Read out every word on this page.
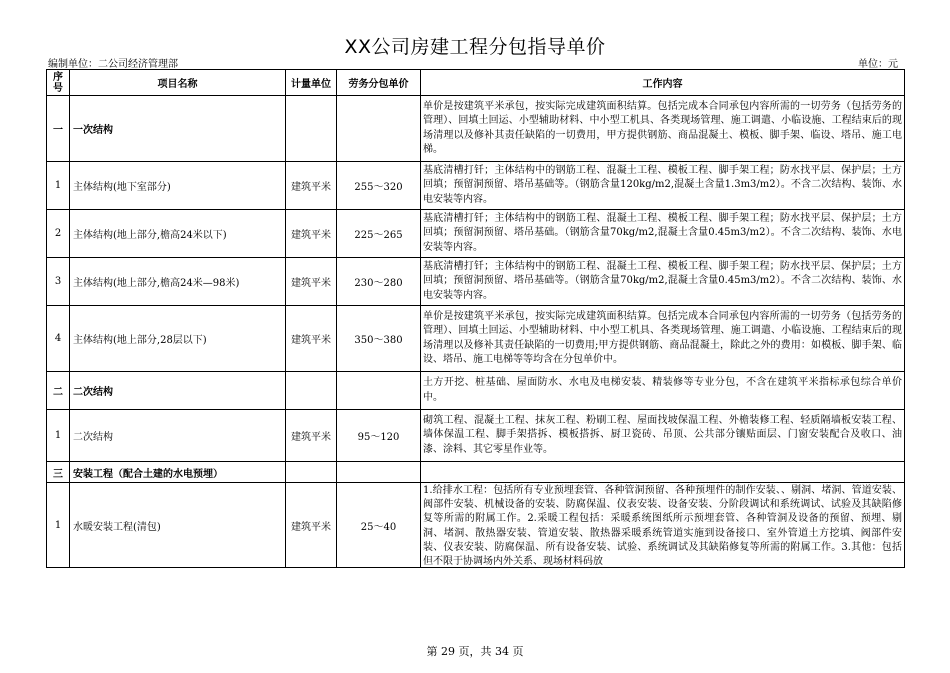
XX公司房建工程分包指导单价
编制单位：二公司经济管理部	单位：元
序
号	项目名称	计量单位	劳务分包单价	工作内容
一	一次结构			单价是按建筑平米承包，按实际完成建筑面积结算。包括完成本合同承包内容所需的一切劳务（包括劳务的管理）、回填土回运、小型辅助材料、中小型工机具、各类现场管理、施工调遣、小临设施、工程结束后的现场清理以及修补其责任缺陷的一切费用，甲方提供钢筋、商品混凝土、模板、脚手架、临设、塔吊、施工电梯。
1	主体结构(地下室部分)	建筑平米	255～320	基底清槽打钎；主体结构中的钢筋工程、混凝土工程、模板工程、脚手架工程；防水找平层、保护层；土方回填；预留洞预留、塔吊基础等。（钢筋含量120kg/m2,混凝土含量1.3m3/m2）。不含二次结构、装饰、水电安装等内容。
2	主体结构(地上部分,檐高24米以下)	建筑平米	225～265	基底清槽打钎；主体结构中的钢筋工程、混凝土工程、模板工程、脚手架工程；防水找平层、保护层；土方回填；预留洞预留、塔吊基础。（钢筋含量70kg/m2,混凝土含量0.45m3/m2）。不含二次结构、装饰、水电安装等内容。
3	主体结构(地上部分,檐高24米—98米)	建筑平米	230～280	基底清槽打钎；主体结构中的钢筋工程、混凝土工程、模板工程、脚手架工程；防水找平层、保护层；土方回填；预留洞预留、塔吊基础等。（钢筋含量70kg/m2,混凝土含量0.45m3/m2）。不含二次结构、装饰、水电安装等内容。
4	主体结构(地上部分,28层以下)	建筑平米	350～380	单价是按建筑平米承包，按实际完成建筑面积结算。包括完成本合同承包内容所需的一切劳务（包括劳务的管理）、回填土回运、小型辅助材料、中小型工机具、各类现场管理、施工调遣、小临设施、工程结束后的现场清理以及修补其责任缺陷的一切费用;甲方提供钢筋、商品混凝土，除此之外的费用：如模板、脚手架、临设、塔吊、施工电梯等等均含在分包单价中。
二	二次结构			土方开挖、桩基础、屋面防水、水电及电梯安装、精装修等专业分包，不含在建筑平米指标承包综合单价中。
1	二次结构	建筑平米	95～120	砌筑工程、混凝土工程、抹灰工程、粉刷工程、屋面找坡保温工程、外檐装修工程、轻质隔墙板安装工程、墙体保温工程、脚手架搭拆、模板搭拆、厨卫瓷砖、吊顶、公共部分镶贴面层、门窗安装配合及收口、油漆、涂料、其它零星作业等。
三	安装工程（配合土建的水电预埋）			
1	水暖安装工程(清包)	建筑平米	25～40	1.给排水工程：包括所有专业预埋套管、各种管洞预留、各种预埋件的制作安装、、剔洞、堵洞、管道安装、阀部件安装、机械设备的安装、防腐保温、仪表安装、设备安装、分阶段调试和系统调试、试验及其缺陷修复等所需的附属工作。2.采暖工程包括：采暖系统图纸所示预埋套管、各种管洞及设备的预留、预埋、剔洞、堵洞、散热器安装、管道安装、散热器采暖系统管道实施到设备接口、室外管道土方挖填、阀部件安装、仪表安装、防腐保温、所有设备安装、试验、系统调试及其缺陷修复等所需的附属工作。3.其他：包括但不限于协调场内外关系、现场材料码放
第 29 页，共 34 页
